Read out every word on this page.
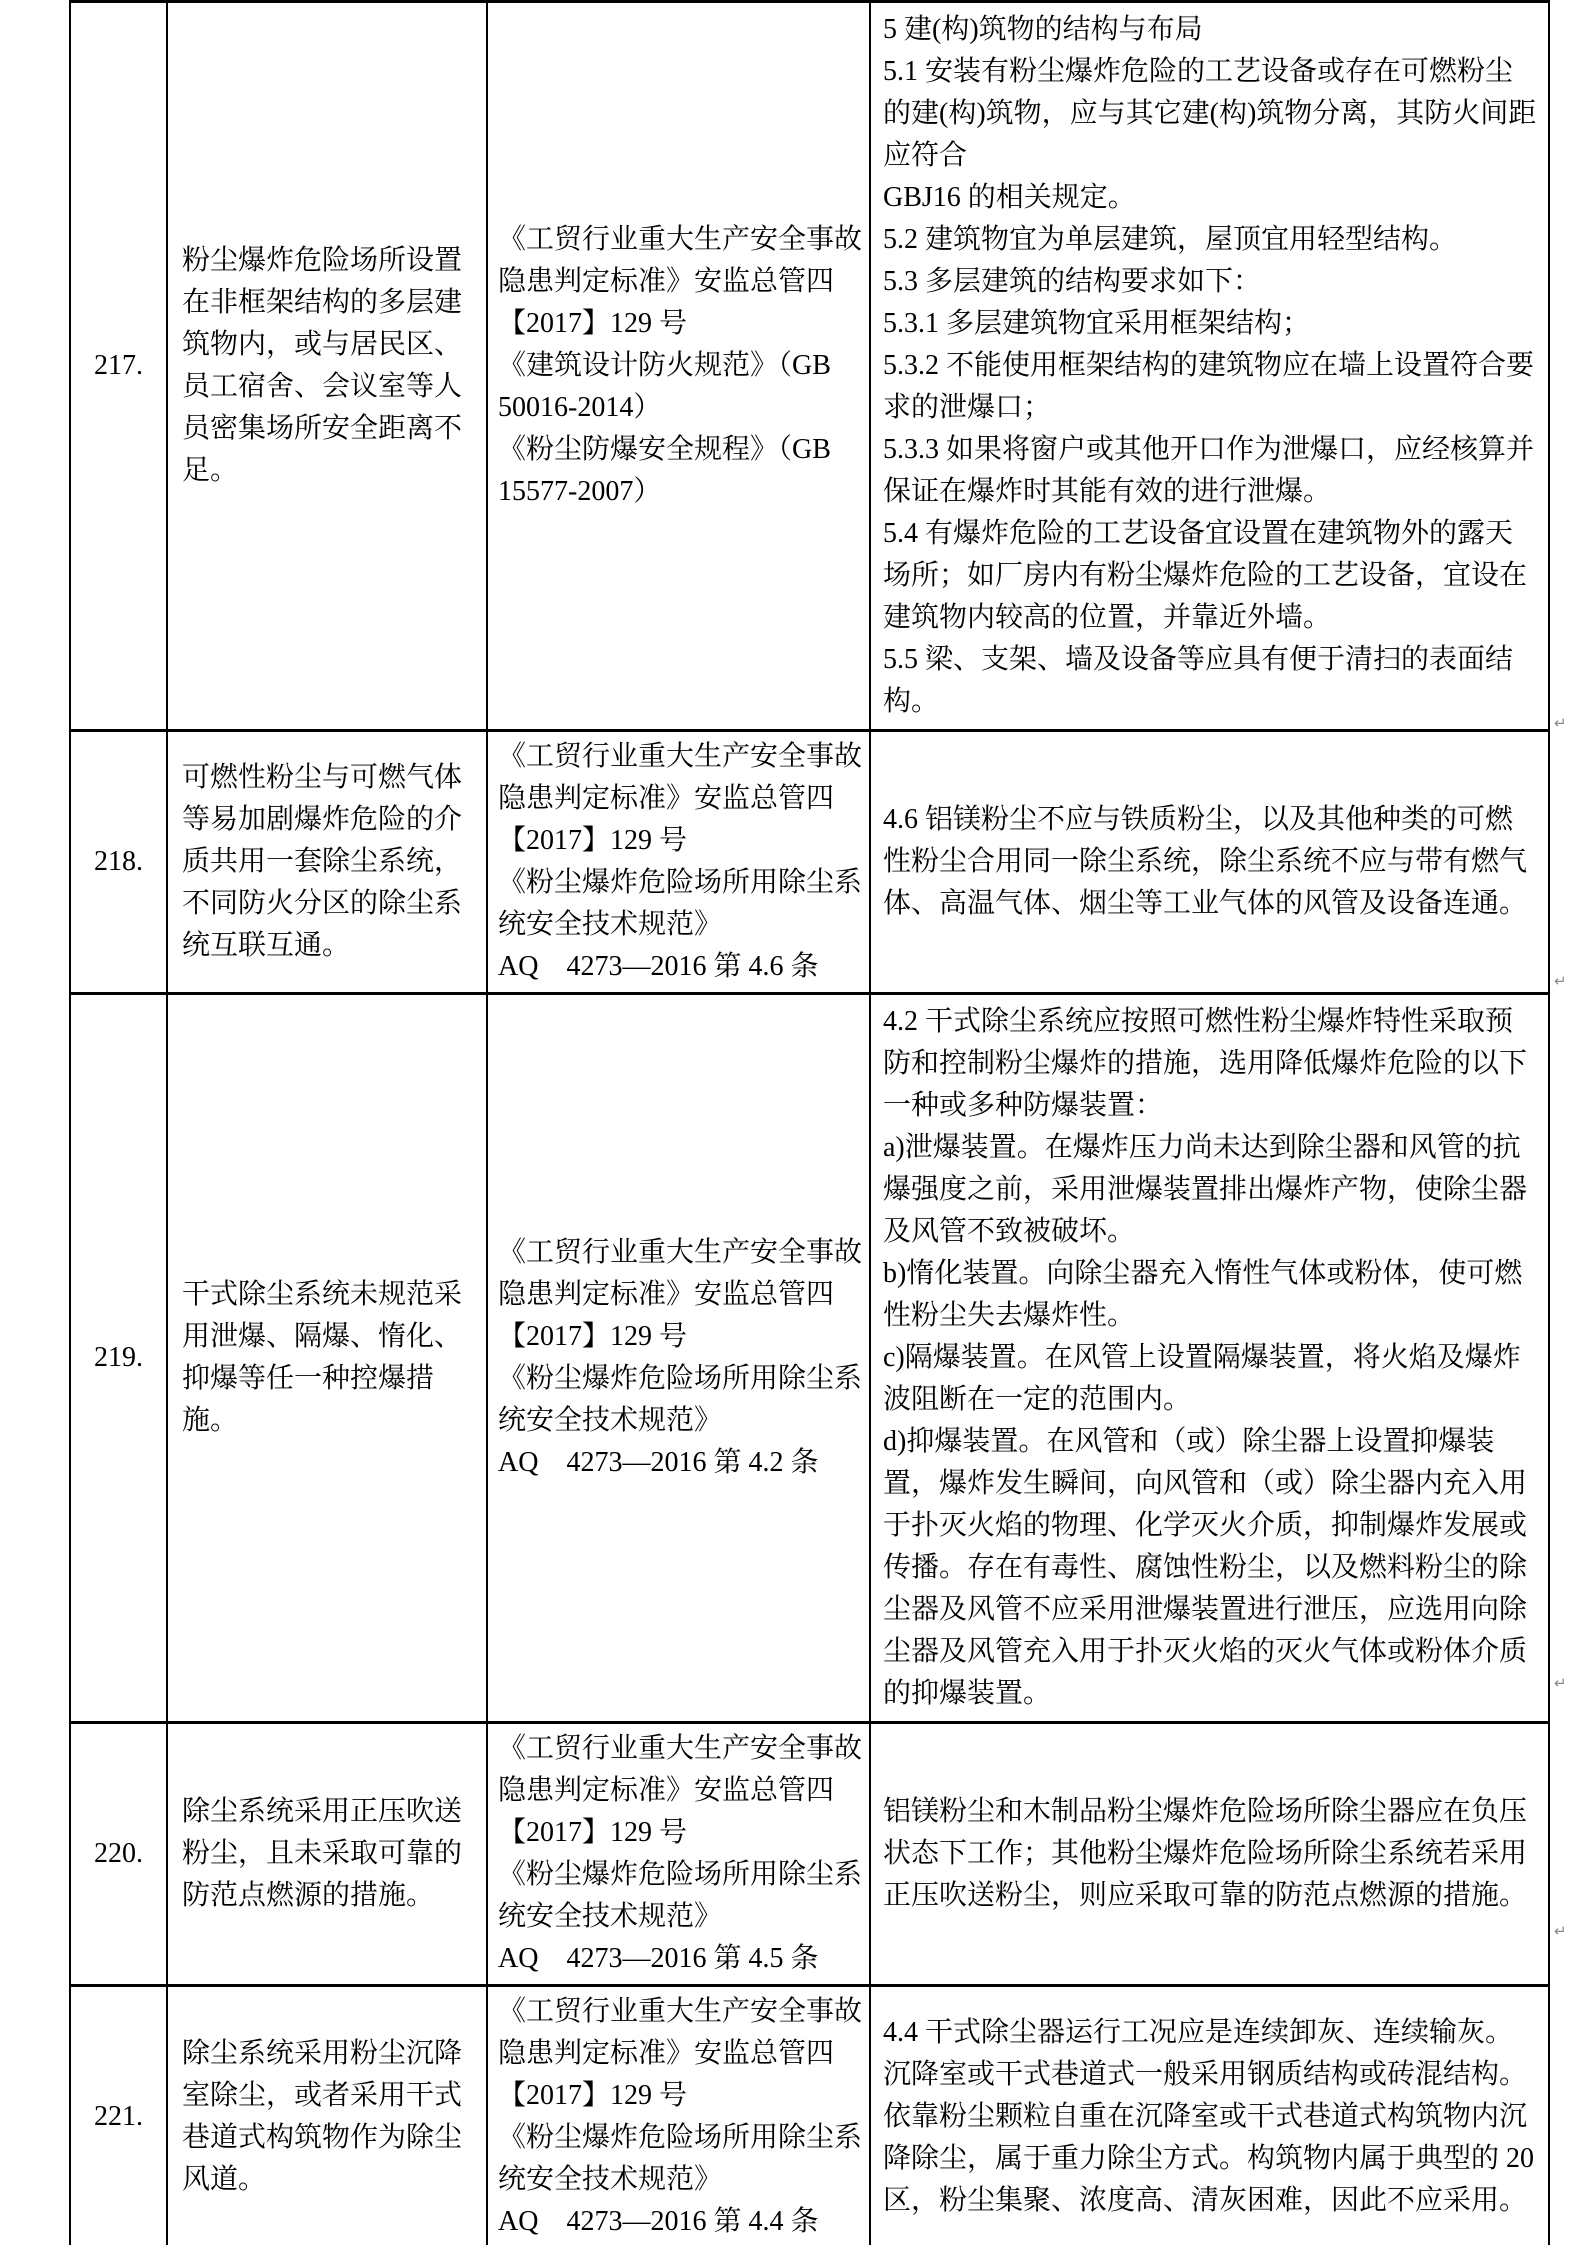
217.	粉尘爆炸危险场所设置在非框架结构的多层建筑物内，或与居民区、员工宿舍、会议室等人员密集场所安全距离不足。	《工贸行业重大生产安全事故隐患判定标准》安监总管四【2017】129 号
《建筑设计防火规范》（GB 50016-2014）
《粉尘防爆安全规程》（GB 15577-2007）	5 建(构)筑物的结构与布局
5.1 安装有粉尘爆炸危险的工艺设备或存在可燃粉尘的建(构)筑物，应与其它建(构)筑物分离，其防火间距应符合
GBJ16 的相关规定。
5.2 建筑物宜为单层建筑，屋顶宜用轻型结构。
5.3 多层建筑的结构要求如下：
5.3.1 多层建筑物宜采用框架结构；
5.3.2 不能使用框架结构的建筑物应在墙上设置符合要求的泄爆口；
5.3.3 如果将窗户或其他开口作为泄爆口，应经核算并保证在爆炸时其能有效的进行泄爆。
5.4 有爆炸危险的工艺设备宜设置在建筑物外的露天场所；如厂房内有粉尘爆炸危险的工艺设备，宜设在建筑物内较高的位置，并靠近外墙。
5.5 梁、支架、墙及设备等应具有便于清扫的表面结构。
218.	可燃性粉尘与可燃气体等易加剧爆炸危险的介质共用一套除尘系统，不同防火分区的除尘系统互联互通。	《工贸行业重大生产安全事故隐患判定标准》安监总管四【2017】129 号
《粉尘爆炸危险场所用除尘系统安全技术规范》
AQ　4273—2016 第 4.6 条	4.6 铝镁粉尘不应与铁质粉尘，以及其他种类的可燃性粉尘合用同一除尘系统，除尘系统不应与带有燃气体、高温气体、烟尘等工业气体的风管及设备连通。
219.	干式除尘系统未规范采用泄爆、隔爆、惰化、抑爆等任一种控爆措施。	《工贸行业重大生产安全事故隐患判定标准》安监总管四【2017】129 号
《粉尘爆炸危险场所用除尘系统安全技术规范》
AQ　4273—2016 第 4.2 条	4.2 干式除尘系统应按照可燃性粉尘爆炸特性采取预防和控制粉尘爆炸的措施，选用降低爆炸危险的以下一种或多种防爆装置：
a)泄爆装置。在爆炸压力尚未达到除尘器和风管的抗爆强度之前，采用泄爆装置排出爆炸产物，使除尘器及风管不致被破坏。
b)惰化装置。向除尘器充入惰性气体或粉体，使可燃性粉尘失去爆炸性。
c)隔爆装置。在风管上设置隔爆装置，将火焰及爆炸波阻断在一定的范围内。
d)抑爆装置。在风管和（或）除尘器上设置抑爆装置，爆炸发生瞬间，向风管和（或）除尘器内充入用于扑灭火焰的物理、化学灭火介质，抑制爆炸发展或传播。存在有毒性、腐蚀性粉尘，以及燃料粉尘的除尘器及风管不应采用泄爆装置进行泄压，应选用向除尘器及风管充入用于扑灭火焰的灭火气体或粉体介质的抑爆装置。
220.	除尘系统采用正压吹送粉尘，且未采取可靠的防范点燃源的措施。	《工贸行业重大生产安全事故隐患判定标准》安监总管四【2017】129 号
《粉尘爆炸危险场所用除尘系统安全技术规范》
AQ　4273—2016 第 4.5 条	铝镁粉尘和木制品粉尘爆炸危险场所除尘器应在负压状态下工作；其他粉尘爆炸危险场所除尘系统若采用正压吹送粉尘，则应采取可靠的防范点燃源的措施。
221.	除尘系统采用粉尘沉降室除尘，或者采用干式巷道式构筑物作为除尘风道。	《工贸行业重大生产安全事故隐患判定标准》安监总管四【2017】129 号
《粉尘爆炸危险场所用除尘系统安全技术规范》
AQ　4273—2016 第 4.4 条	4.4 干式除尘器运行工况应是连续卸灰、连续输灰。沉降室或干式巷道式一般采用钢质结构或砖混结构。依靠粉尘颗粒自重在沉降室或干式巷道式构筑物内沉降除尘，属于重力除尘方式。构筑物内属于典型的 20 区，粉尘集聚、浓度高、清灰困难，因此不应采用。
↵
↵
↵
↵
